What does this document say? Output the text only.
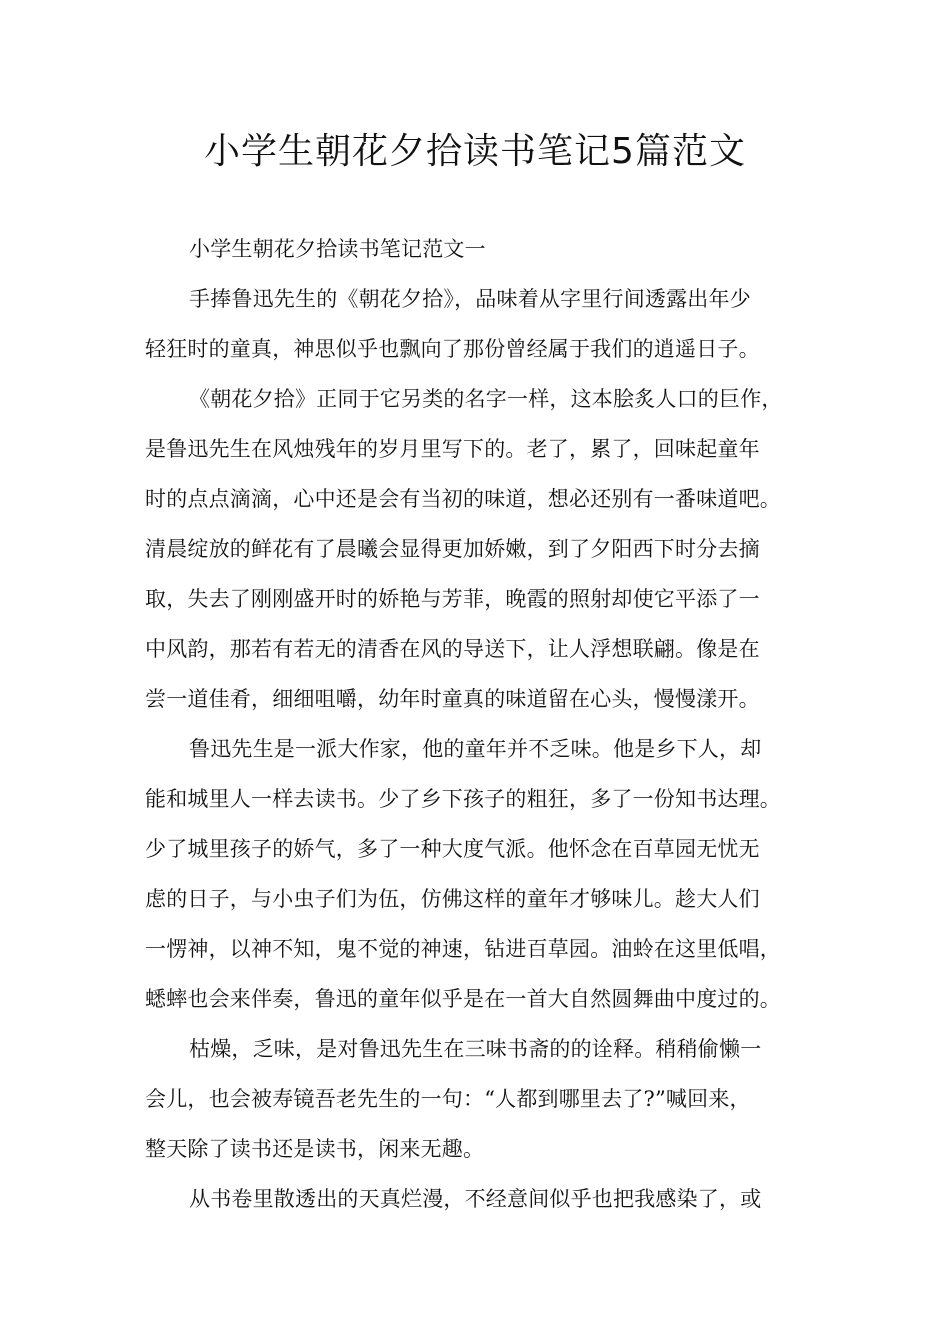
小学生朝花夕拾读书笔记5篇范文
小学生朝花夕拾读书笔记范文一
手捧鲁迅先生的《朝花夕拾》，品味着从字里行间透露出年少
轻狂时的童真，神思似乎也飘向了那份曾经属于我们的逍遥日子。
《朝花夕拾》正同于它另类的名字一样，这本脍炙人口的巨作，
是鲁迅先生在风烛残年的岁月里写下的。老了，累了，回味起童年
时的点点滴滴，心中还是会有当初的味道，想必还别有一番味道吧。
清晨绽放的鲜花有了晨曦会显得更加娇嫩，到了夕阳西下时分去摘
取，失去了刚刚盛开时的娇艳与芳菲，晚霞的照射却使它平添了一
中风韵，那若有若无的清香在风的导送下，让人浮想联翩。像是在
尝一道佳肴，细细咀嚼，幼年时童真的味道留在心头，慢慢漾开。
鲁迅先生是一派大作家，他的童年并不乏味。他是乡下人，却
能和城里人一样去读书。少了乡下孩子的粗狂，多了一份知书达理。
少了城里孩子的娇气，多了一种大度气派。他怀念在百草园无忧无
虑的日子，与小虫子们为伍，仿佛这样的童年才够味儿。趁大人们
一愣神，以神不知，鬼不觉的神速，钻进百草园。油蛉在这里低唱，
蟋蟀也会来伴奏，鲁迅的童年似乎是在一首大自然圆舞曲中度过的。
枯燥，乏味，是对鲁迅先生在三味书斋的的诠释。稍稍偷懒一
会儿，也会被寿镜吾老先生的一句：“人都到哪里去了?”喊回来，
整天除了读书还是读书，闲来无趣。
从书卷里散透出的天真烂漫，不经意间似乎也把我感染了，或
